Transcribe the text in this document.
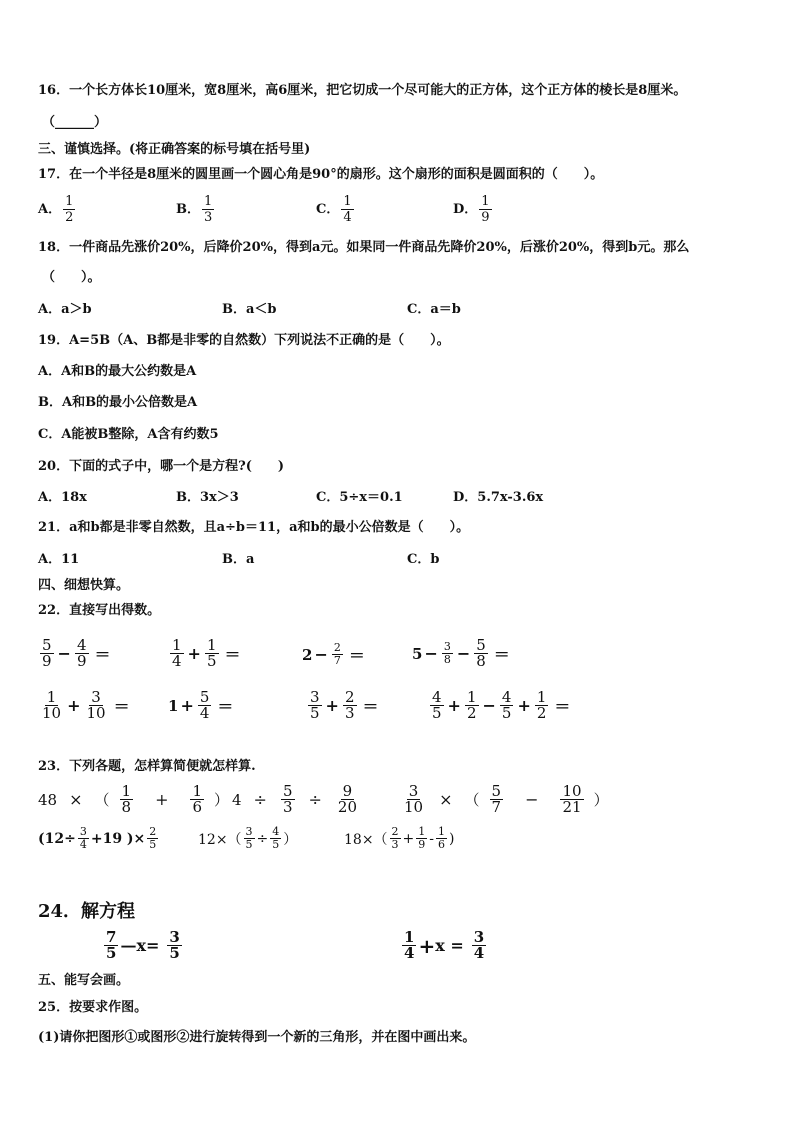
16．一个长方体长10厘米，宽8厘米，高6厘米，把它切成一个尽可能大的正方体，这个正方体的棱长是8厘米。
（______）
三、谨慎选择。(将正确答案的标号填在括号里)
17．在一个半径是8厘米的圆里画一个圆心角是90°的扇形。这个扇形的面积是圆面积的（　　）。
A． $\frac{1}{2}$	B． $\frac{1}{3}$	C． $\frac{1}{4}$	D． $\frac{1}{9}$
18．一件商品先涨价20%，后降价20%，得到a元。如果同一件商品先降价20%，后涨价20%，得到b元。那么
（　　）。
A．a＞b	B．a＜b	C．a＝b
19．A=5B（A、B都是非零的自然数）下列说法不正确的是（　　）。
A．A和B的最大公约数是A
B．A和B的最小公倍数是A
C．A能被B整除，A含有约数5
20．下面的式子中，哪一个是方程?(　　)
A．18x	B．3x＞3	C．5÷x＝0.1	D．5.7x-3.6x
21．a和b都是非零自然数，且a÷b＝11，a和b的最小公倍数是（　　）。
A．11	B．a	C．b
四、细想快算。
22．直接写出得数。
$\frac{5}{9} - \frac{4}{9}$ ＝	$\frac{1}{4} + \frac{1}{5}$ ＝	$2 - \frac{2}{7}$ ＝	$5 - \frac{3}{8} - \frac{5}{8}$ ＝
$\frac{1}{10} + \frac{3}{10}$ ＝	$1 + \frac{5}{4}$ ＝	$\frac{3}{5} + \frac{2}{3}$ ＝	$\frac{4}{5} + \frac{1}{2} - \frac{4}{5} + \frac{1}{2}$ ＝
23．下列各题，怎样算简便就怎样算.
48 × （ $\frac{1}{8} + \frac{1}{6}$ ） $4 \div \frac{5}{3} \div \frac{9}{20}$	$\frac{3}{10}$ × （ $\frac{5}{7} - \frac{10}{21}$ ）
($12\div \frac{3}{4} +19$ )× $\frac{2}{5}$	$12\times( \frac{3}{5} \div \frac{4}{5}$ ）	$18\times( \frac{2}{3} + \frac{1}{9} - \frac{1}{6}$ )
24．解方程
$\frac{7}{5}$ —x= $\frac{3}{5}$	$\frac{1}{4} + x = \frac{3}{4}$
五、能写会画。
25．按要求作图。
(1)请你把图形①或图形②进行旋转得到一个新的三角形，并在图中画出来。
